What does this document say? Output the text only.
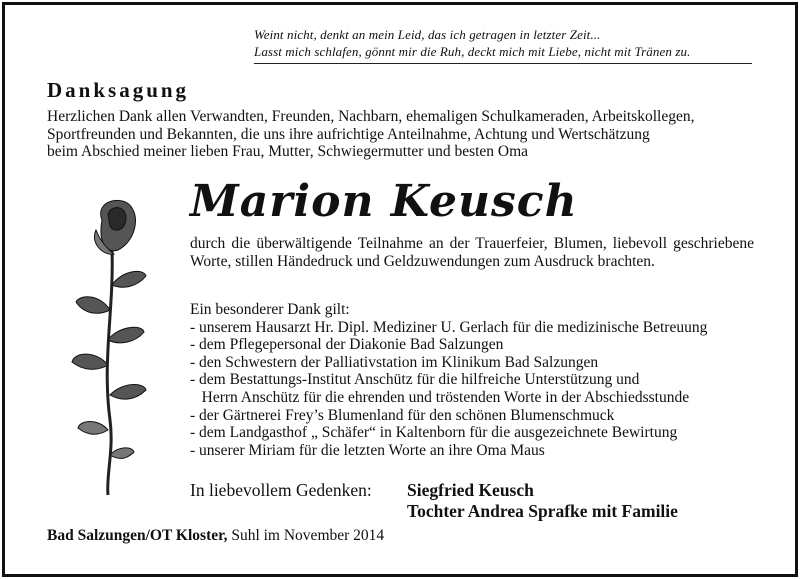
Weint nicht, denkt an mein Leid, das ich getragen in letzter Zeit...
Lasst mich schlafen, gönnt mir die Ruh, deckt mich mit Liebe, nicht mit Tränen zu.
Danksagung
Herzlichen Dank allen Verwandten, Freunden, Nachbarn, ehemaligen Schulkameraden, Arbeitskollegen,
Sportfreunden und Bekannten, die uns ihre aufrichtige Anteilnahme, Achtung und Wertschätzung
beim Abschied meiner lieben Frau, Mutter, Schwiegermutter und besten Oma
Marion Keusch
durch die überwältigende Teilnahme an der Trauerfeier, Blumen, liebevoll geschriebene Worte, stillen Händedruck und Geldzuwendungen zum Ausdruck brachten.
Ein besonderer Dank gilt:
- unserem Hausarzt Hr. Dipl. Mediziner U. Gerlach für die medizinische Betreuung
- dem Pflegepersonal der Diakonie Bad Salzungen
- den Schwestern der Palliativstation im Klinikum Bad Salzungen
- dem Bestattungs-Institut Anschütz für die hilfreiche Unterstützung und
Herrn Anschütz für die ehrenden und tröstenden Worte in der Abschiedsstunde
- der Gärtnerei Frey’s Blumenland für den schönen Blumenschmuck
- dem Landgasthof „ Schäfer“ in Kaltenborn für die ausgezeichnete Bewirtung
- unserer Miriam für die letzten Worte an ihre Oma Maus
In liebevollem Gedenken: Siegfried Keusch
Tochter Andrea Sprafke mit Familie
Bad Salzungen/OT Kloster, Suhl im November 2014
